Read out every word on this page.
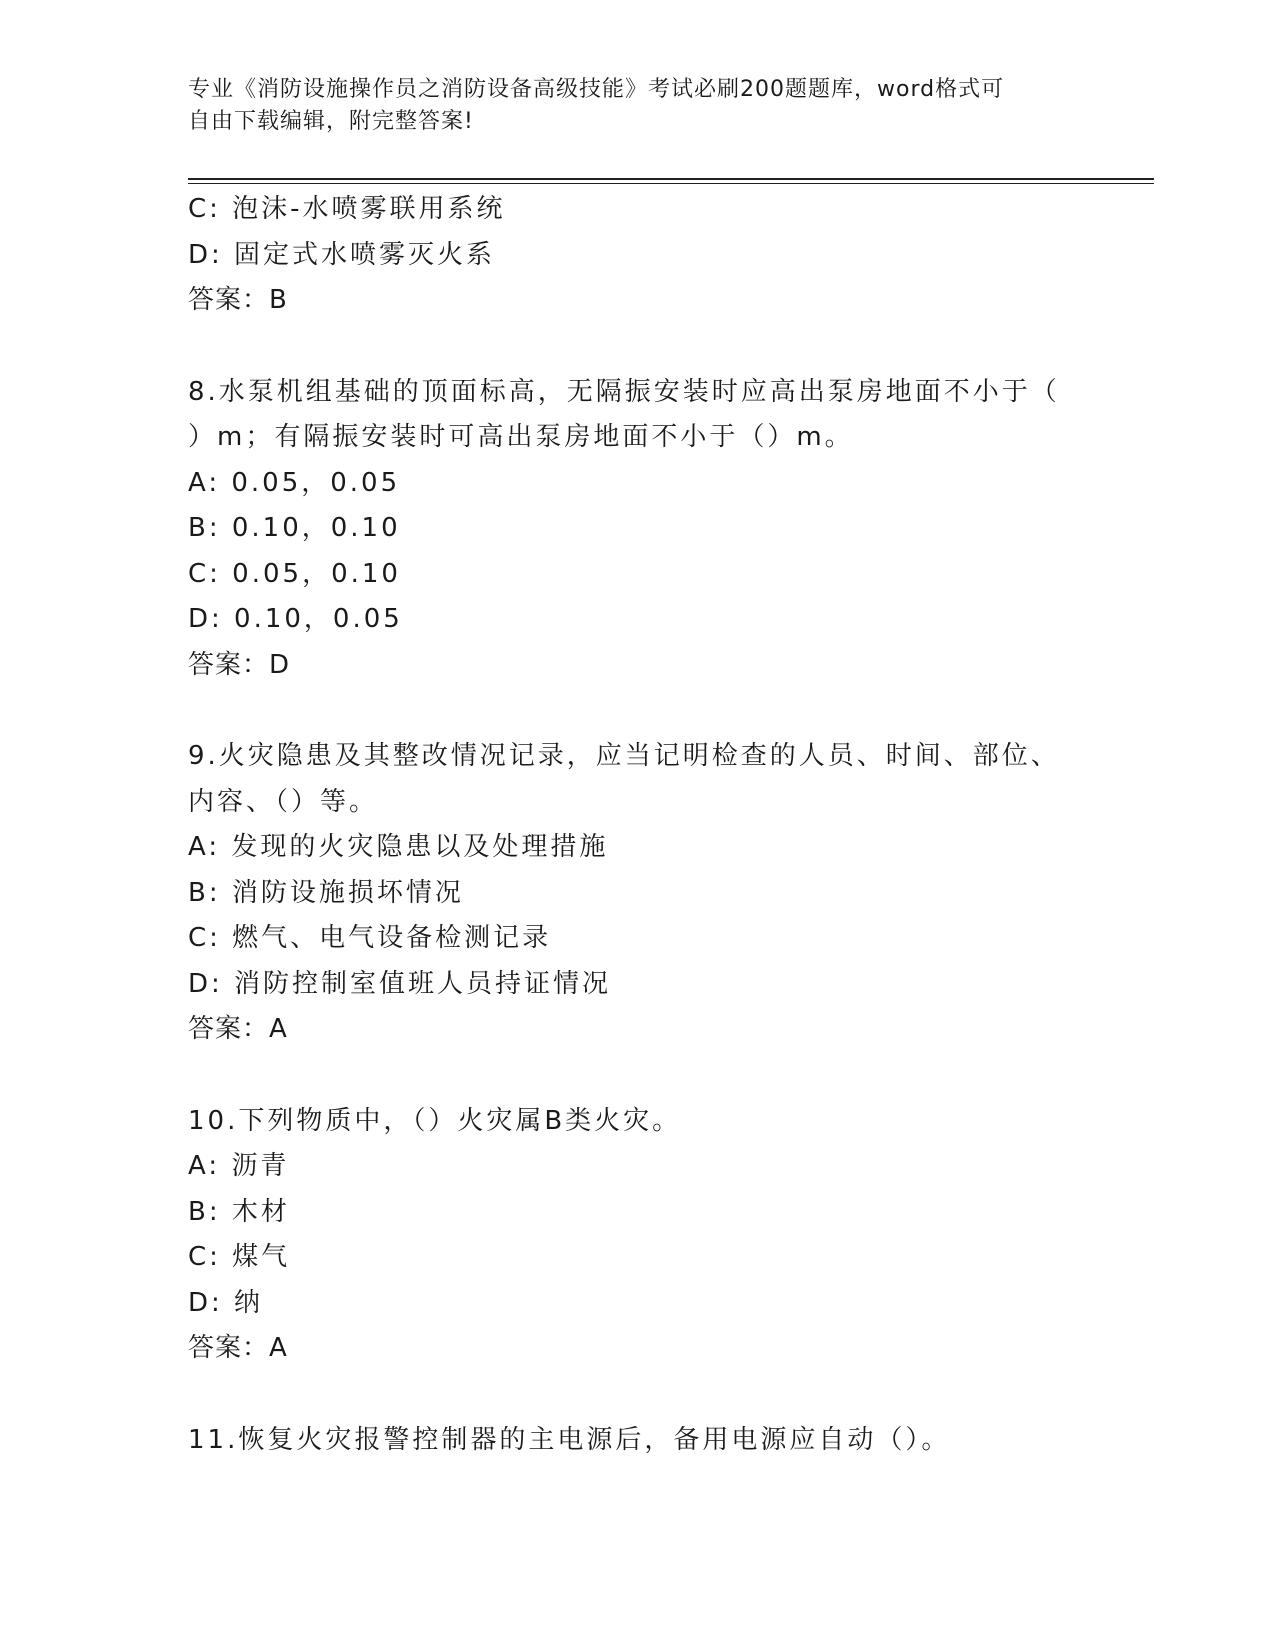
专业《消防设施操作员之消防设备高级技能》考试必刷200题题库，word格式可
自由下载编辑，附完整答案!
C: 泡沫-水喷雾联用系统
D: 固定式水喷雾灭火系
答案：B
8.水泵机组基础的顶面标高，无隔振安装时应高出泵房地面不小于（
）m；有隔振安装时可高出泵房地面不小于（）m。
A: 0.05，0.05
B: 0.10，0.10
C: 0.05，0.10
D: 0.10，0.05
答案：D
9.火灾隐患及其整改情况记录，应当记明检查的人员、时间、部位、
内容、（）等。
A: 发现的火灾隐患以及处理措施
B: 消防设施损坏情况
C: 燃气、电气设备检测记录
D: 消防控制室值班人员持证情况
答案：A
10.下列物质中，（）火灾属B类火灾。
A: 沥青
B: 木材
C: 煤气
D: 纳
答案：A
11.恢复火灾报警控制器的主电源后，备用电源应自动（）。
